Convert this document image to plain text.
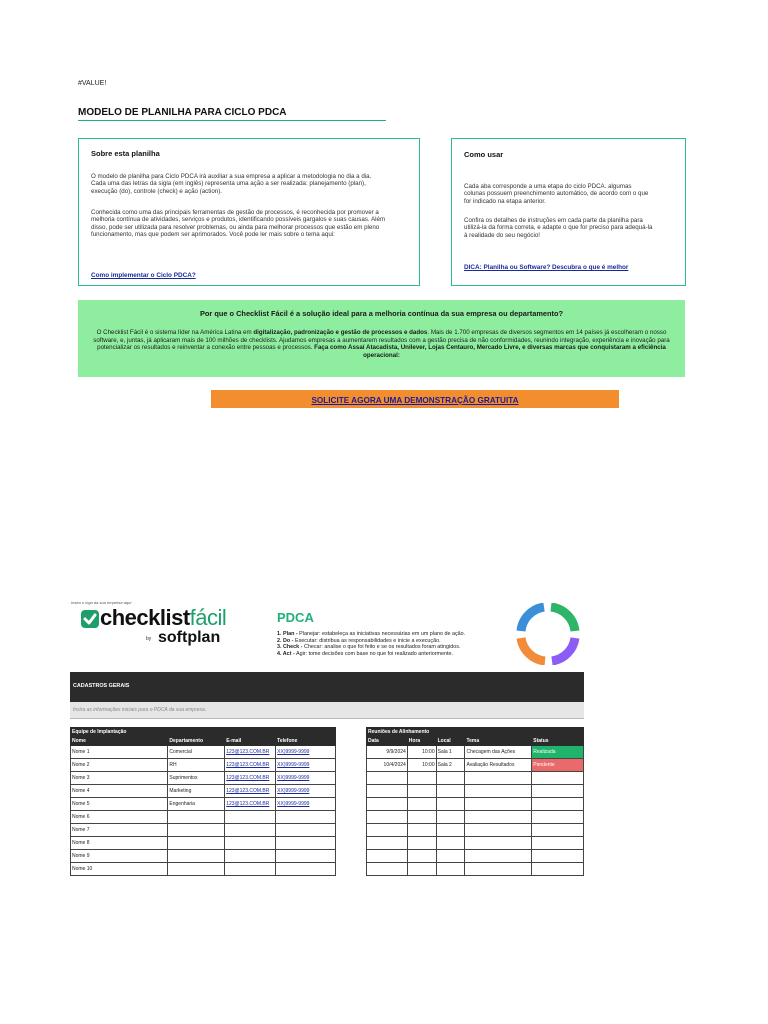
#VALUE!
MODELO DE PLANILHA PARA CICLO PDCA
Sobre esta planilha
O modelo de planilha para Ciclo PDCA irá auxiliar a sua empresa a aplicar a metodologia no dia a dia. Cada uma das letras da sigla (em inglês) representa uma ação a ser realizada: planejamento (plan), execução (do), controle (check) e ação (action).
Conhecida como uma das principais ferramentas de gestão de processos, é reconhecida por promover a melhoria contínua de atividades, serviços e produtos, identificando possíveis gargalos e suas causas. Além disso, pode ser utilizada para resolver problemas, ou ainda para melhorar processos que estão em pleno funcionamento, mas que podem ser aprimorados. Você pode ler mais sobre o tema aqui:
Como implementar o Ciclo PDCA?
Como usar
Cada aba corresponde a uma etapa do ciclo PDCA. algumas colunas possuem preenchimento automático, de acordo com o que for indicado na etapa anterior.
Confira os detalhes de instruções em cada parte da planilha para utilizá-la da forma correta, e adapte o que for preciso para adequá-la à realidade do seu negócio!
DICA: Planilha ou Software? Descubra o que é melhor
Por que o Checklist Fácil é a solução ideal para a melhoria contínua da sua empresa ou departamento?
O Checklist Fácil é o sistema líder na América Latina em digitalização, padronização e gestão de processos e dados. Mais de 1.700 empresas de diversos segmentos em 14 países já escolheram o nosso software, e, juntas, já aplicaram mais de 100 milhões de checklists. Ajudamos empresas a aumentarem resultados com a gestão precisa de não conformidades, reunindo integração, experiência e inovação para potencializar os resultados e reinventar a conexão entre pessoas e processos. Faça como Assaí Atacadista, Unilever, Lojas Centauro, Mercado Livre, e diversas marcas que conquistaram a eficiência operacional:
SOLICITE AGORA UMA DEMONSTRAÇÃO GRATUITA
Insira o logo da sua empresa aqui
checklistfácil
by softplan
PDCA
1. Plan - Planejar: estabeleça as iniciativas necessárias em um plano de ação.
2. Do - Executar: distribua as responsabilidades e inicie a execução.
3. Check - Checar: analise o que foi feito e se os resultados foram atingidos.
4. Act - Agir: tome decisões com base no que foi realizado anteriormente.
CADASTROS GERAIS
Insira as informações iniciais para o PDCA da sua empresa.
Equipe de Implantação			
Nome	Departamento	E-mail	Telefone
Nome 1	Comercial	123@123.COM.BR	XX)9999-9999
Nome 2	RH	123@123.COM.BR	XX)9999-9999
Nome 3	Suprimentos	123@123.COM.BR	XX)9999-9999
Nome 4	Marketing	123@123.COM.BR	XX)9999-9999
Nome 5	Engenharia	123@123.COM.BR	XX)9999-9999
Nome 6			
Nome 7			
Nome 8			
Nome 9			
Nome 10			
Reuniões de Alinhamento				
Data	Hora	Local	Tema	Status
9/9/2024	10:00	Sala 1	Checagem das Ações	Realizada
10/4/2024	10:00	Sala 2	Avaliação Resultados	Pendente
